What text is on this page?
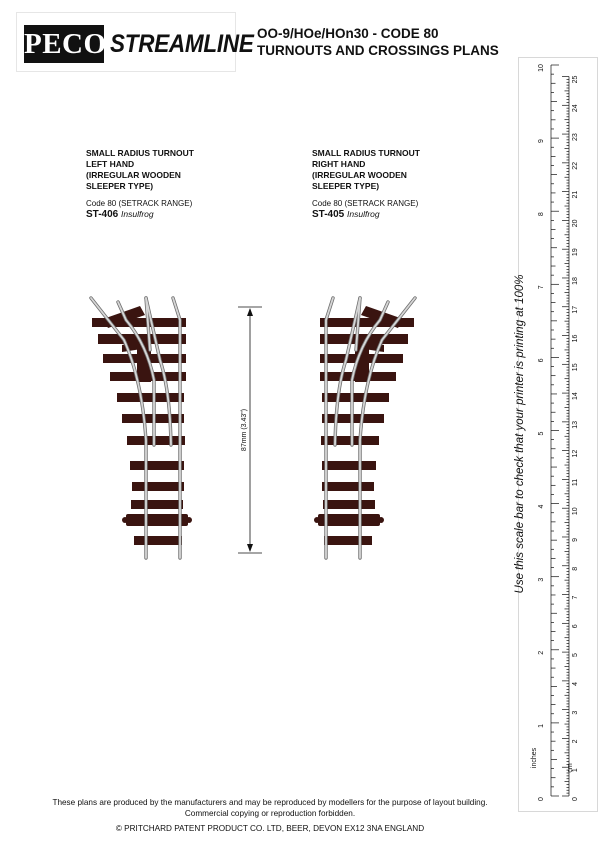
PECO STREAMLINE OO-9/HOe/HOn30 - CODE 80
TURNOUTS AND CROSSINGS PLANS
SMALL RADIUS TURNOUT
LEFT HAND
(IRREGULAR WOODEN
SLEEPER TYPE)
Code 80 (SETRACK RANGE)
ST-406 Insulfrog
SMALL RADIUS TURNOUT
RIGHT HAND
(IRREGULAR WOODEN
SLEEPER TYPE)
Code 80 (SETRACK RANGE)
ST-405 Insulfrog
87mm (3.43")
0
1
2
3
4
5
6
7
8
9
10
0
1
2
3
4
5
6
7
8
9
10
11
12
13
14
15
16
17
18
19
20
21
22
23
24
25
inches	cm
Use this scale bar to check that your printer is printing at 100%
These plans are produced by the manufacturers and may be reproduced by modellers for the purpose of layout building.
Commercial copying or reproduction forbidden.
© PRITCHARD PATENT PRODUCT CO. LTD, BEER, DEVON EX12 3NA ENGLAND
